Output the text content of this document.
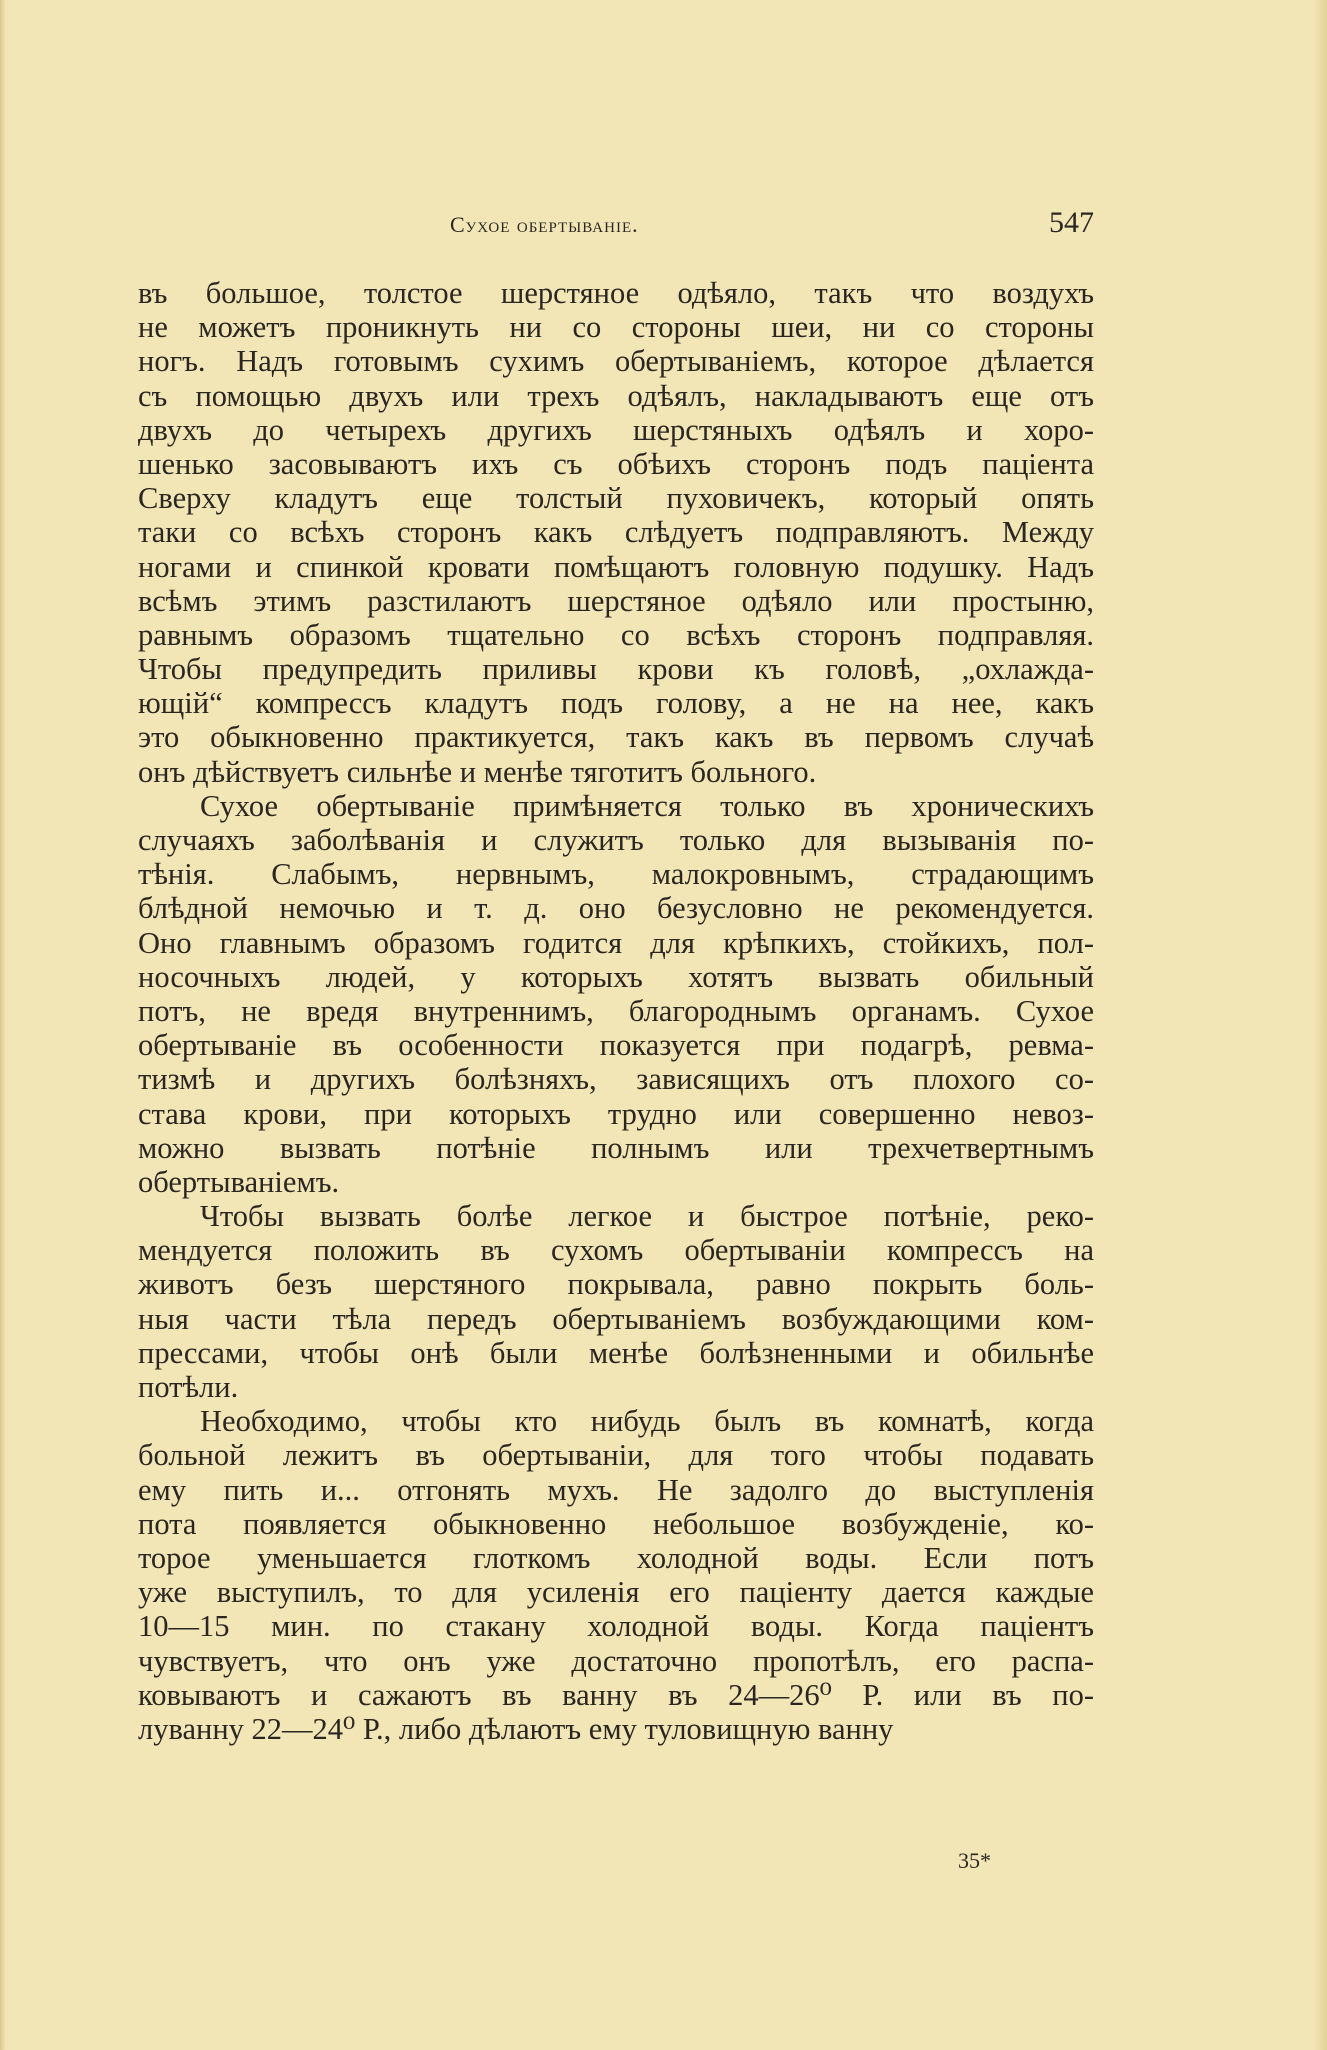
Сухое обертываніе.	547
въ большое, толстое шерстяное одѣяло, такъ что воздухъ
не можетъ проникнуть ни со стороны шеи, ни со стороны
ногъ. Надъ готовымъ сухимъ обертываніемъ, которое дѣлается
съ помощью двухъ или трехъ одѣялъ, накладываютъ еще отъ
двухъ до четырехъ другихъ шерстяныхъ одѣялъ и хоро-
шенько засовываютъ ихъ съ обѣихъ сторонъ подъ паціента
Сверху кладутъ еще толстый пуховичекъ, который опять
таки со всѣхъ сторонъ какъ слѣдуетъ подправляютъ. Между
ногами и спинкой кровати помѣщаютъ головную подушку. Надъ
всѣмъ этимъ разстилаютъ шерстяное одѣяло или простыню,
равнымъ образомъ тщательно со всѣхъ сторонъ подправляя.
Чтобы предупредить приливы крови къ головѣ, „охлажда-
ющій“ компрессъ кладутъ подъ голову, а не на нее, какъ
это обыкновенно практикуется, такъ какъ въ первомъ случаѣ
онъ дѣйствуетъ сильнѣе и менѣе тяготитъ больного.
Сухое обертываніе примѣняется только въ хроническихъ
случаяхъ заболѣванія и служитъ только для вызыванія по-
тѣнія. Слабымъ, нервнымъ, малокровнымъ, страдающимъ
блѣдной немочью и т. д. оно безусловно не рекомендуется.
Оно главнымъ образомъ годится для крѣпкихъ, стойкихъ, пол-
носочныхъ людей, у которыхъ хотятъ вызвать обильный
потъ, не вредя внутреннимъ, благороднымъ органамъ. Сухое
обертываніе въ особенности показуется при подагрѣ, ревма-
тизмѣ и другихъ болѣзняхъ, зависящихъ отъ плохого со-
става крови, при которыхъ трудно или совершенно невоз-
можно вызвать потѣніе полнымъ или трехчетвертнымъ
обертываніемъ.
Чтобы вызвать болѣе легкое и быстрое потѣніе, реко-
мендуется положить въ сухомъ обертываніи компрессъ на
животъ безъ шерстяного покрывала, равно покрыть боль-
ныя части тѣла передъ обертываніемъ возбуждающими ком-
прессами, чтобы онѣ были менѣе болѣзненными и обильнѣе
потѣли.
Необходимо, чтобы кто нибудь былъ въ комнатѣ, когда
больной лежитъ въ обертываніи, для того чтобы подавать
ему пить и... отгонять мухъ. Не задолго до выступленія
пота появляется обыкновенно небольшое возбужденіе, ко-
торое уменьшается глоткомъ холодной воды. Если потъ
уже выступилъ, то для усиленія его паціенту дается каждые
10—15 мин. по стакану холодной воды. Когда паціентъ
чувствуетъ, что онъ уже достаточно пропотѣлъ, его распа-
ковываютъ и сажаютъ въ ванну въ 24—26⁰ Р. или въ по-
луванну 22—24⁰ Р., либо дѣлаютъ ему туловищную ванну
35*
